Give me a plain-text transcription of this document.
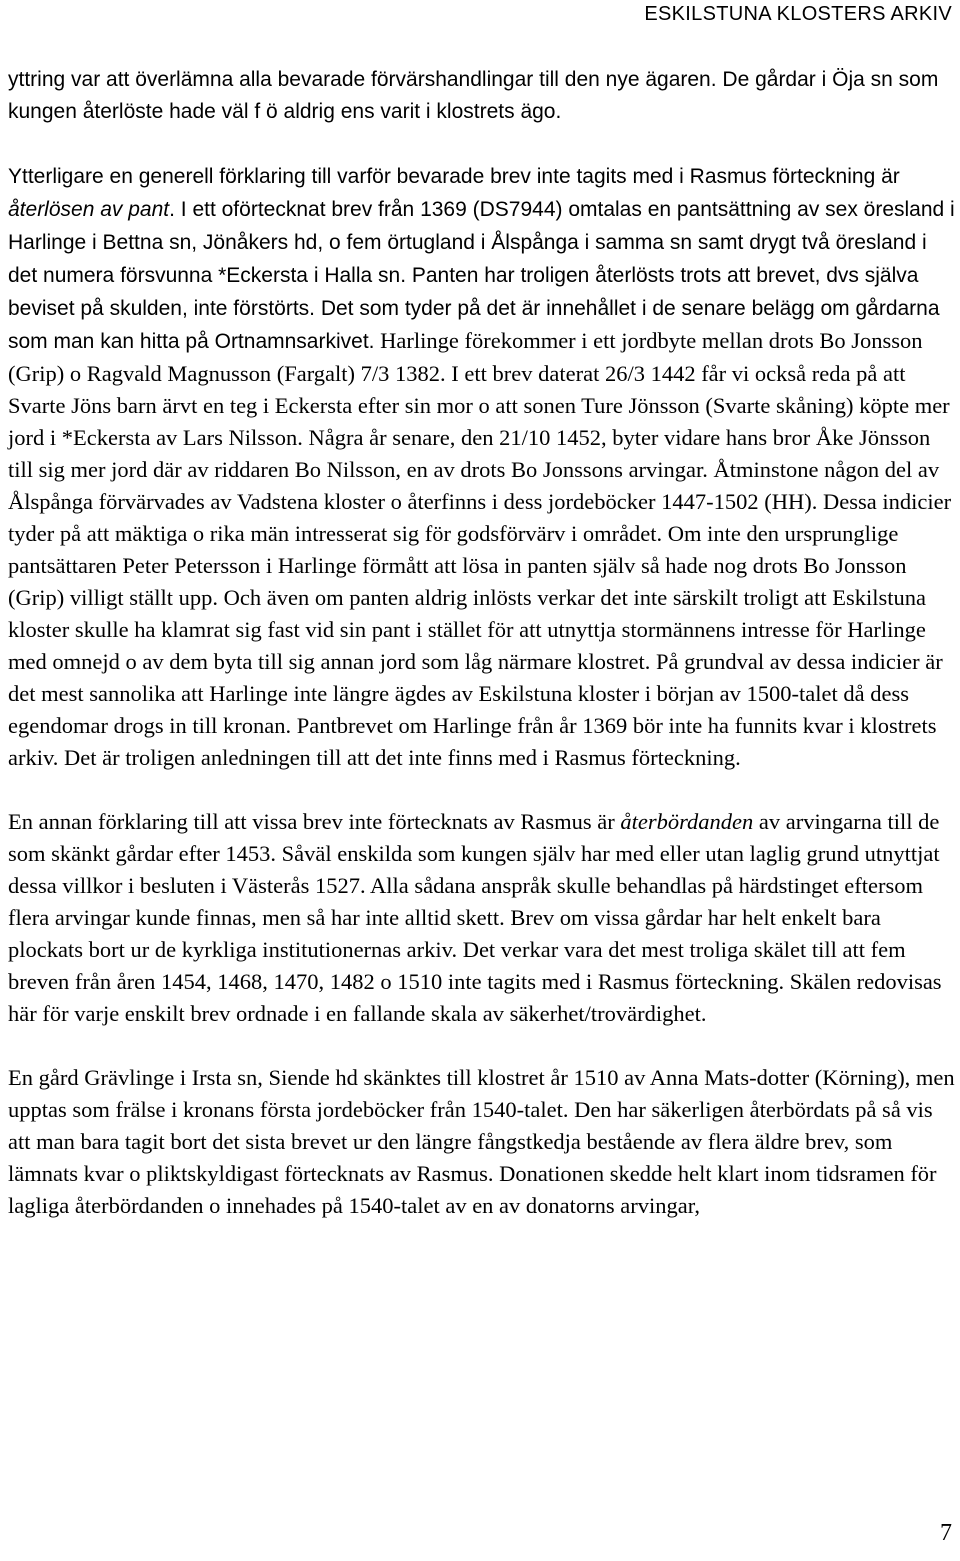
ESKILSTUNA KLOSTERS ARKIV

yttring var att överlämna alla bevarade förvärshandlingar till den nye ägaren. De gårdar i Öja sn som kungen återlöste hade väl f ö aldrig ens varit i klostrets ägo.

Ytterligare en generell förklaring till varför bevarade brev inte tagits med i Rasmus förteckning är återlösen av pant. I ett oförtecknat brev från 1369 (DS7944) omtalas en pantsättning av sex öresland i Harlinge i Bettna sn, Jönåkers hd, o fem örtugland i Ålspånga i samma sn samt drygt två öresland i det numera försvunna *Eckersta i Halla sn. Panten har troligen återlösts trots att brevet, dvs själva beviset på skulden, inte förstörts. Det som tyder på det är innehållet i de senare belägg om gårdarna som man kan hitta på Ortnamnsarkivet. Harlinge förekommer i ett jordbyte mellan drots Bo Jonsson (Grip) o Ragvald Magnusson (Fargalt) 7/3 1382. I ett brev daterat 26/3 1442 får vi också reda på att Svarte Jöns barn ärvt en teg i Eckersta efter sin mor o att sonen Ture Jönsson (Svarte skåning) köpte mer jord i *Eckersta av Lars Nilsson. Några år senare, den 21/10 1452, byter vidare hans bror Åke Jönsson till sig mer jord där av riddaren Bo Nilsson, en av drots Bo Jonssons arvingar. Åtminstone någon del av Ålspånga förvärvades av Vadstena kloster o återfinns i dess jordeböcker 1447-1502 (HH). Dessa indicier tyder på att mäktiga o rika män intresserat sig för godsförvärv i området. Om inte den ursprunglige pantsättaren Peter Petersson i Harlinge förmått att lösa in panten själv så hade nog drots Bo Jonsson (Grip) villigt ställt upp. Och även om panten aldrig inlösts verkar det inte särskilt troligt att Eskilstuna kloster skulle ha klamrat sig fast vid sin pant i stället för att utnyttja stormännens intresse för Harlinge med omnejd o av dem byta till sig annan jord som låg närmare klostret. På grundval av dessa indicier är det mest sannolika att Harlinge inte längre ägdes av Eskilstuna kloster i början av 1500-talet då dess egendomar drogs in till kronan. Pantbrevet om Harlinge från år 1369 bör inte ha funnits kvar i klostrets arkiv. Det är troligen anledningen till att det inte finns med i Rasmus förteckning.

En annan förklaring till att vissa brev inte förtecknats av Rasmus är återbördanden av arvingarna till de som skänkt gårdar efter 1453. Såväl enskilda som kungen själv har med eller utan laglig grund utnyttjat dessa villkor i besluten i Västerås 1527. Alla sådana anspråk skulle behandlas på härdstinget eftersom flera arvingar kunde finnas, men så har inte alltid skett. Brev om vissa gårdar har helt enkelt bara plockats bort ur de kyrkliga institutionernas arkiv. Det verkar vara det mest troliga skälet till att fem breven från åren 1454, 1468, 1470, 1482 o 1510 inte tagits med i Rasmus förteckning. Skälen redovisas här för varje enskilt brev ordnade i en fallande skala av säkerhet/trovärdighet.

En gård Grävlinge i Irsta sn, Siende hd skänktes till klostret år 1510 av Anna Mats-dotter (Körning), men upptas som frälse i kronans första jordeböcker från 1540-talet. Den har säkerligen återbördats på så vis att man bara tagit bort det sista brevet ur den längre fångstkedja bestående av flera äldre brev, som lämnats kvar o pliktskyldigast förtecknats av Rasmus. Donationen skedde helt klart inom tidsramen för lagliga återbördanden o innehades på 1540-talet av en av donatorns arvingar,

7
